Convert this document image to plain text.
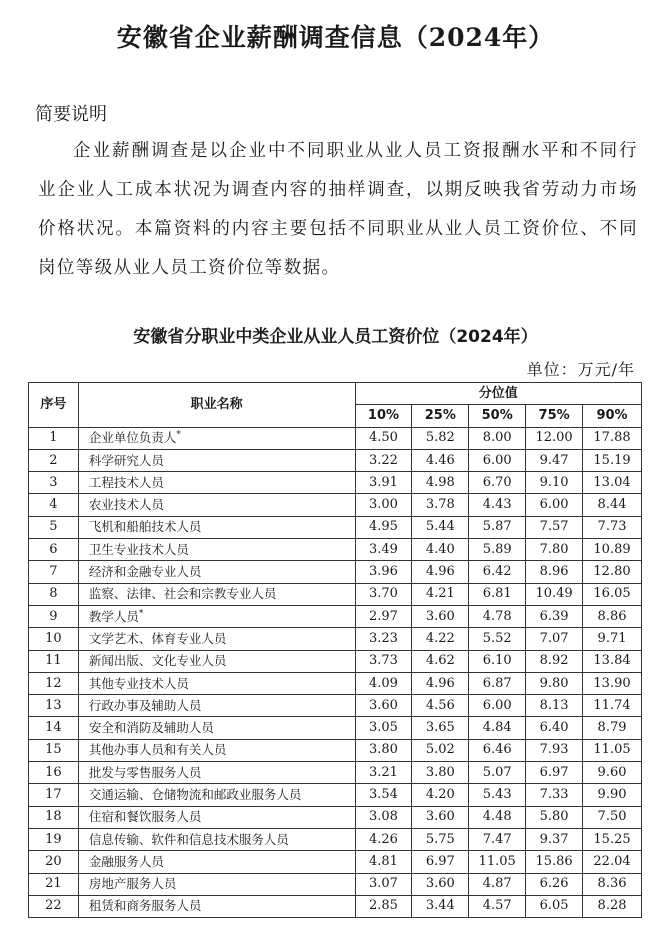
安徽省企业薪酬调查信息（2024年）
简要说明
企业薪酬调查是以企业中不同职业从业人员工资报酬水平和不同行业企业人工成本状况为调查内容的抽样调查，以期反映我省劳动力市场价格状况。本篇资料的内容主要包括不同职业从业人员工资价位、不同岗位等级从业人员工资价位等数据。
安徽省分职业中类企业从业人员工资价位（2024年）
单位：万元/年
序号	职业名称	分位值				
		10%	25%	50%	75%	90%
1	企业单位负责人*	4.50	5.82	8.00	12.00	17.88
2	科学研究人员	3.22	4.46	6.00	9.47	15.19
3	工程技术人员	3.91	4.98	6.70	9.10	13.04
4	农业技术人员	3.00	3.78	4.43	6.00	8.44
5	飞机和船舶技术人员	4.95	5.44	5.87	7.57	7.73
6	卫生专业技术人员	3.49	4.40	5.89	7.80	10.89
7	经济和金融专业人员	3.96	4.96	6.42	8.96	12.80
8	监察、法律、社会和宗教专业人员	3.70	4.21	6.81	10.49	16.05
9	教学人员*	2.97	3.60	4.78	6.39	8.86
10	文学艺术、体育专业人员	3.23	4.22	5.52	7.07	9.71
11	新闻出版、文化专业人员	3.73	4.62	6.10	8.92	13.84
12	其他专业技术人员	4.09	4.96	6.87	9.80	13.90
13	行政办事及辅助人员	3.60	4.56	6.00	8.13	11.74
14	安全和消防及辅助人员	3.05	3.65	4.84	6.40	8.79
15	其他办事人员和有关人员	3.80	5.02	6.46	7.93	11.05
16	批发与零售服务人员	3.21	3.80	5.07	6.97	9.60
17	交通运输、仓储物流和邮政业服务人员	3.54	4.20	5.43	7.33	9.90
18	住宿和餐饮服务人员	3.08	3.60	4.48	5.80	7.50
19	信息传输、软件和信息技术服务人员	4.26	5.75	7.47	9.37	15.25
20	金融服务人员	4.81	6.97	11.05	15.86	22.04
21	房地产服务人员	3.07	3.60	4.87	6.26	8.36
22	租赁和商务服务人员	2.85	3.44	4.57	6.05	8.28
